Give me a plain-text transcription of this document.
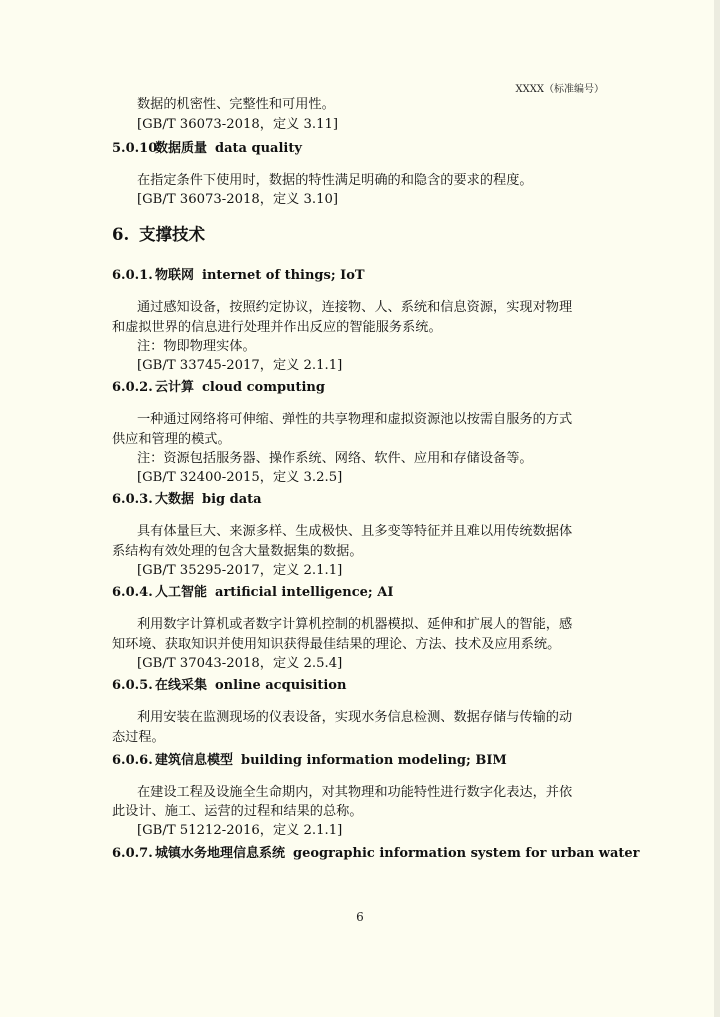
XXXX（标准编号）
数据的机密性、完整性和可用性。
[GB/T 36073-2018，定义 3.11]
5.0.10.数据质量 data quality
在指定条件下使用时，数据的特性满足明确的和隐含的要求的程度。
[GB/T 36073-2018，定义 3.10]
6. 支撑技术
6.0.1. 物联网 internet of things; IoT
通过感知设备，按照约定协议，连接物、人、系统和信息资源，实现对物理
和虚拟世界的信息进行处理并作出反应的智能服务系统。
注：物即物理实体。
[GB/T 33745-2017，定义 2.1.1]
6.0.2. 云计算 cloud computing
一种通过网络将可伸缩、弹性的共享物理和虚拟资源池以按需自服务的方式
供应和管理的模式。
注：资源包括服务器、操作系统、网络、软件、应用和存储设备等。
[GB/T 32400-2015，定义 3.2.5]
6.0.3. 大数据 big data
具有体量巨大、来源多样、生成极快、且多变等特征并且难以用传统数据体
系结构有效处理的包含大量数据集的数据。
[GB/T 35295-2017，定义 2.1.1]
6.0.4. 人工智能 artificial intelligence; AI
利用数字计算机或者数字计算机控制的机器模拟、延伸和扩展人的智能，感
知环境、获取知识并使用知识获得最佳结果的理论、方法、技术及应用系统。
[GB/T 37043-2018，定义 2.5.4]
6.0.5. 在线采集 online acquisition
利用安装在监测现场的仪表设备，实现水务信息检测、数据存储与传输的动
态过程。
6.0.6. 建筑信息模型 building information modeling; BIM
在建设工程及设施全生命期内，对其物理和功能特性进行数字化表达，并依
此设计、施工、运营的过程和结果的总称。
[GB/T 51212-2016，定义 2.1.1]
6.0.7. 城镇水务地理信息系统 geographic information system for urban water
6
